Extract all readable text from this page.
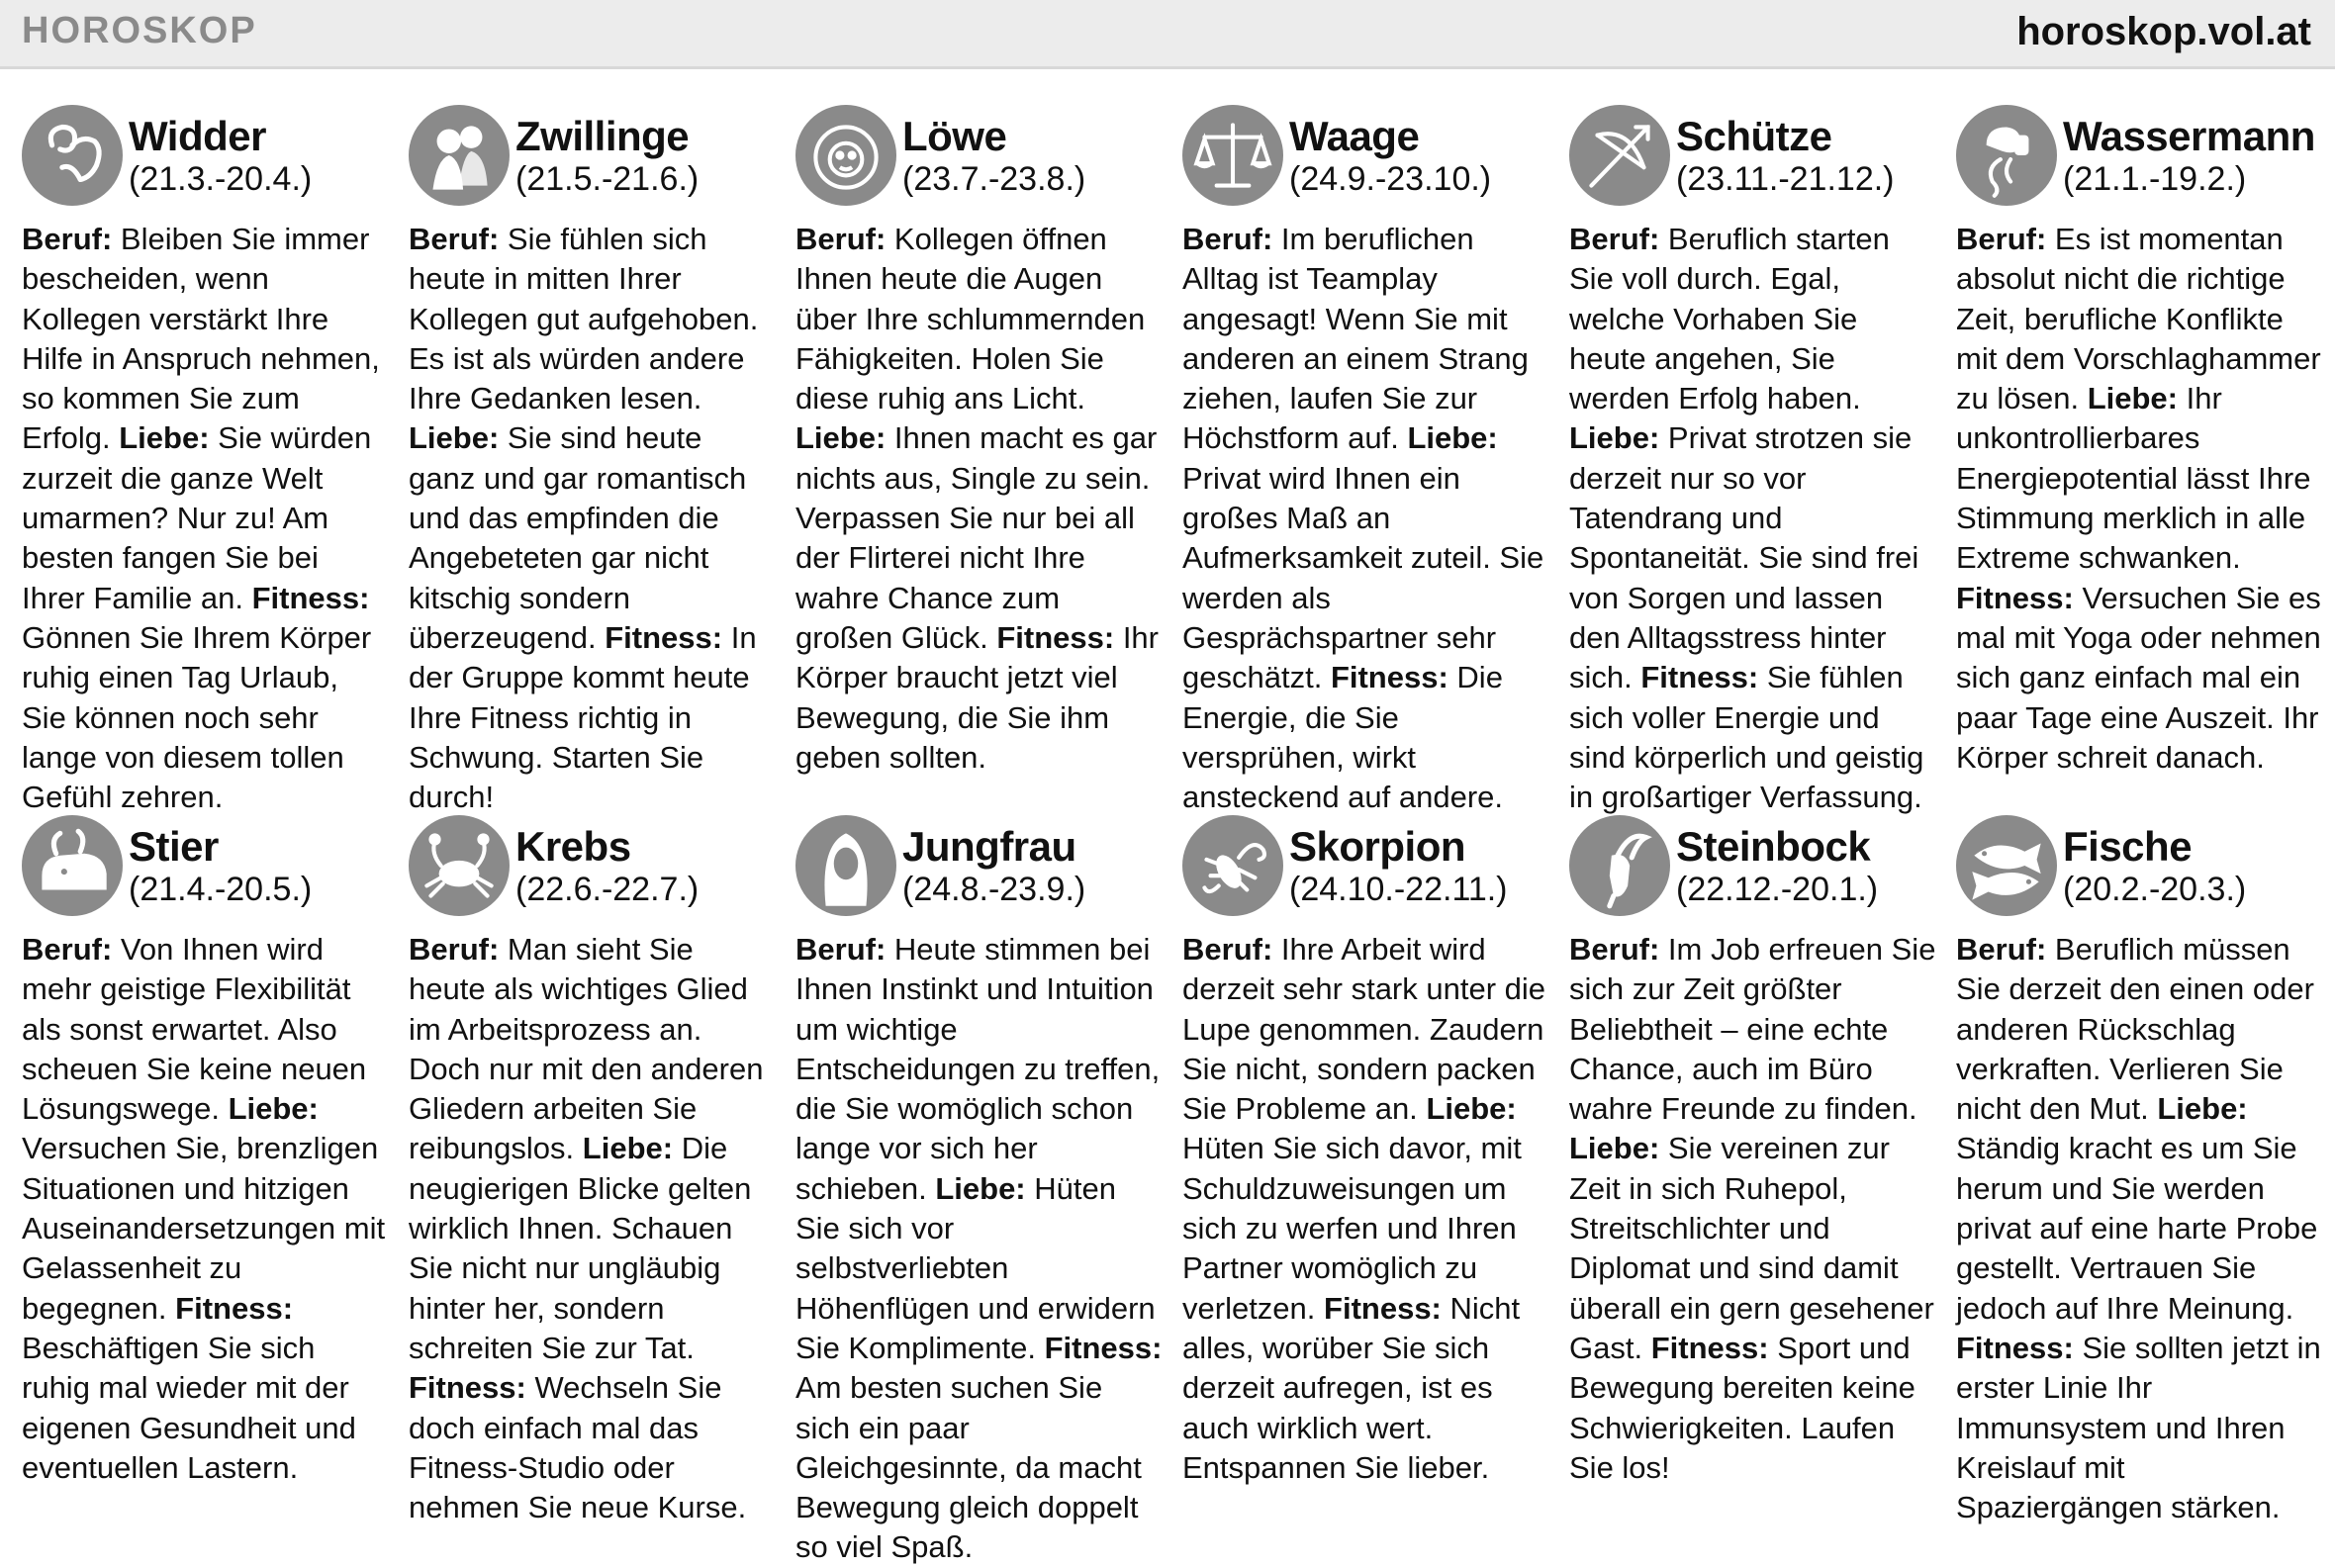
HOROSKOP	horoskop.vol.at
Widder
(21.3.-20.4.)
Beruf: Bleiben Sie immer bescheiden, wenn Kollegen verstärkt Ihre Hilfe in Anspruch nehmen, so kommen Sie zum Erfolg. Liebe: Sie würden zurzeit die ganze Welt umarmen? Nur zu! Am besten fangen Sie bei Ihrer Familie an. Fitness: Gönnen Sie Ihrem Körper ruhig einen Tag Urlaub, Sie können noch sehr lange von diesem tollen Gefühl zehren.
Zwillinge
(21.5.-21.6.)
Beruf: Sie fühlen sich heute in mitten Ihrer Kollegen gut aufgehoben. Es ist als würden andere Ihre Gedanken lesen. Liebe: Sie sind heute ganz und gar romantisch und das empfinden die Angebeteten gar nicht kitschig sondern überzeugend. Fitness: In der Gruppe kommt heute Ihre Fitness richtig in Schwung. Starten Sie durch!
Löwe
(23.7.-23.8.)
Beruf: Kollegen öffnen Ihnen heute die Augen über Ihre schlummernden Fähigkeiten. Holen Sie diese ruhig ans Licht. Liebe: Ihnen macht es gar nichts aus, Single zu sein. Verpassen Sie nur bei all der Flirterei nicht Ihre wahre Chance zum großen Glück. Fitness: Ihr Körper braucht jetzt viel Bewegung, die Sie ihm geben sollten.
Waage
(24.9.-23.10.)
Beruf: Im beruflichen Alltag ist Teamplay angesagt! Wenn Sie mit anderen an einem Strang ziehen, laufen Sie zur Höchstform auf. Liebe: Privat wird Ihnen ein großes Maß an Aufmerksamkeit zuteil. Sie werden als Gesprächspartner sehr geschätzt. Fitness: Die Energie, die Sie versprühen, wirkt ansteckend auf andere.
Schütze
(23.11.-21.12.)
Beruf: Beruflich starten Sie voll durch. Egal, welche Vorhaben Sie heute angehen, Sie werden Erfolg haben. Liebe: Privat strotzen sie derzeit nur so vor Tatendrang und Spontaneität. Sie sind frei von Sorgen und lassen den Alltagsstress hinter sich. Fitness: Sie fühlen sich voller Energie und sind körperlich und geistig in großartiger Verfassung.
Wassermann
(21.1.-19.2.)
Beruf: Es ist momentan absolut nicht die richtige Zeit, berufliche Konflikte mit dem Vorschlaghammer zu lösen. Liebe: Ihr unkontrollierbares Energiepotential lässt Ihre Stimmung merklich in alle Extreme schwanken. Fitness: Versuchen Sie es mal mit Yoga oder nehmen sich ganz einfach mal ein paar Tage eine Auszeit. Ihr Körper schreit danach.
Stier
(21.4.-20.5.)
Beruf: Von Ihnen wird mehr geistige Flexibilität als sonst erwartet. Also scheuen Sie keine neuen Lösungswege. Liebe: Versuchen Sie, brenzligen Situationen und hitzigen Auseinandersetzungen mit Gelassenheit zu begegnen. Fitness: Beschäftigen Sie sich ruhig mal wieder mit der eigenen Gesundheit und eventuellen Lastern.
Krebs
(22.6.-22.7.)
Beruf: Man sieht Sie heute als wichtiges Glied im Arbeitsprozess an. Doch nur mit den anderen Gliedern arbeiten Sie reibungslos. Liebe: Die neugierigen Blicke gelten wirklich Ihnen. Schauen Sie nicht nur ungläubig hinter her, sondern schreiten Sie zur Tat. Fitness: Wechseln Sie doch einfach mal das Fitness-Studio oder nehmen Sie neue Kurse.
Jungfrau
(24.8.-23.9.)
Beruf: Heute stimmen bei Ihnen Instinkt und Intuition um wichtige Entscheidungen zu treffen, die Sie womöglich schon lange vor sich her schieben. Liebe: Hüten Sie sich vor selbstverliebten Höhenflügen und erwidern Sie Komplimente. Fitness: Am besten suchen Sie sich ein paar Gleichgesinnte, da macht Bewegung gleich doppelt so viel Spaß.
Skorpion
(24.10.-22.11.)
Beruf: Ihre Arbeit wird derzeit sehr stark unter die Lupe genommen. Zaudern Sie nicht, sondern packen Sie Probleme an. Liebe: Hüten Sie sich davor, mit Schuldzuweisungen um sich zu werfen und Ihren Partner womöglich zu verletzen. Fitness: Nicht alles, worüber Sie sich derzeit aufregen, ist es auch wirklich wert. Entspannen Sie lieber.
Steinbock
(22.12.-20.1.)
Beruf: Im Job erfreuen Sie sich zur Zeit größter Beliebtheit – eine echte Chance, auch im Büro wahre Freunde zu finden. Liebe: Sie vereinen zur Zeit in sich Ruhepol, Streitschlichter und Diplomat und sind damit überall ein gern gesehener Gast. Fitness: Sport und Bewegung bereiten keine Schwierigkeiten. Laufen Sie los!
Fische
(20.2.-20.3.)
Beruf: Beruflich müssen Sie derzeit den einen oder anderen Rückschlag verkraften. Verlieren Sie nicht den Mut. Liebe: Ständig kracht es um Sie herum und Sie werden privat auf eine harte Probe gestellt. Vertrauen Sie jedoch auf Ihre Meinung. Fitness: Sie sollten jetzt in erster Linie Ihr Immunsystem und Ihren Kreislauf mit Spaziergängen stärken.
